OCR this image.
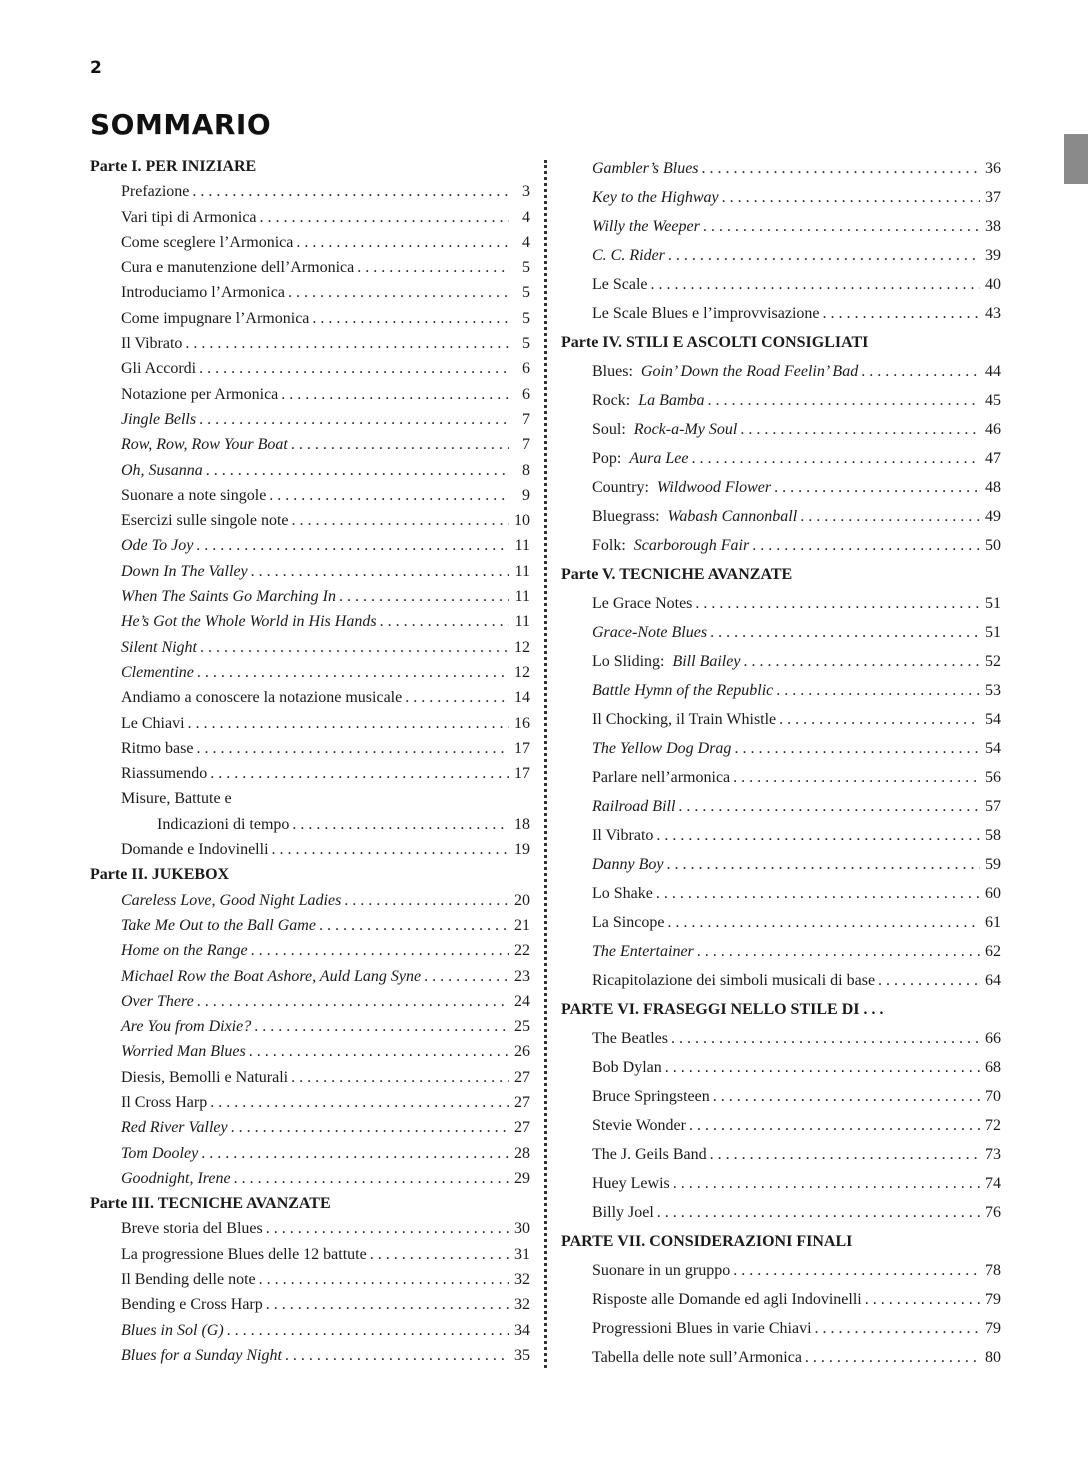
2
SOMMARIO
Parte I. PER INIZIARE
Prefazione . . .	3
Vari tipi di Armonica . . .	4
Come sceglere l’Armonica . . .	4
Cura e manutenzione dell’Armonica . . .	5
Introduciamo l’Armonica . . .	5
Come impugnare l’Armonica . . .	5
Il Vibrato . . .	5
Gli Accordi . . .	6
Notazione per Armonica . . .	6
Jingle Bells . . .	7
Row, Row, Row Your Boat . . .	7
Oh, Susanna . . .	8
Suonare a note singole . . .	9
Esercizi sulle singole note . . .	10
Ode To Joy . . .	11
Down In The Valley . . .	11
When The Saints Go Marching In . . .	11
He’s Got the Whole World in His Hands . . .	11
Silent Night . . .	12
Clementine . . .	12
Andiamo a conoscere la notazione musicale . . .	14
Le Chiavi . . .	16
Ritmo base . . .	17
Riassumendo . . .	17
Misure, Battute e
Indicazioni di tempo . . .	18
Domande e Indovinelli . . .	19
Parte II. JUKEBOX
Careless Love, Good Night Ladies . . .	20
Take Me Out to the Ball Game . . .	21
Home on the Range . . .	22
Michael Row the Boat Ashore, Auld Lang Syne . . .	23
Over There . . .	24
Are You from Dixie? . . .	25
Worried Man Blues . . .	26
Diesis, Bemolli e Naturali . . .	27
Il Cross Harp . . .	27
Red River Valley . . .	27
Tom Dooley . . .	28
Goodnight, Irene . . .	29
Parte III. TECNICHE AVANZATE
Breve storia del Blues . . .	30
La progressione Blues delle 12 battute . . .	31
Il Bending delle note . . .	32
Bending e Cross Harp . . .	32
Blues in Sol (G) . . .	34
Blues for a Sunday Night . . .	35
Gambler’s Blues . . .	36
Key to the Highway . . .	37
Willy the Weeper . . .	38
C. C. Rider . . .	39
Le Scale . . .	40
Le Scale Blues e l’improvvisazione . . .	43
Parte IV. STILI E ASCOLTI CONSIGLIATI
Blues: Goin’ Down the Road Feelin’ Bad . . .	44
Rock: La Bamba . . .	45
Soul: Rock-a-My Soul . . .	46
Pop: Aura Lee . . .	47
Country: Wildwood Flower . . .	48
Bluegrass: Wabash Cannonball . . .	49
Folk: Scarborough Fair . . .	50
Parte V. TECNICHE AVANZATE
Le Grace Notes . . .	51
Grace-Note Blues . . .	51
Lo Sliding: Bill Bailey . . .	52
Battle Hymn of the Republic . . .	53
Il Chocking, il Train Whistle . . .	54
The Yellow Dog Drag . . .	54
Parlare nell’armonica . . .	56
Railroad Bill . . .	57
Il Vibrato . . .	58
Danny Boy . . .	59
Lo Shake . . .	60
La Sincope . . .	61
The Entertainer . . .	62
Ricapitolazione dei simboli musicali di base . . .	64
PARTE VI. FRASEGGI NELLO STILE DI . . .
The Beatles . . .	66
Bob Dylan . . .	68
Bruce Springsteen . . .	70
Stevie Wonder . . .	72
The J. Geils Band . . .	73
Huey Lewis . . .	74
Billy Joel . . .	76
PARTE VII. CONSIDERAZIONI FINALI
Suonare in un gruppo . . .	78
Risposte alle Domande ed agli Indovinelli . . .	79
Progressioni Blues in varie Chiavi . . .	79
Tabella delle note sull’Armonica . . .	80
